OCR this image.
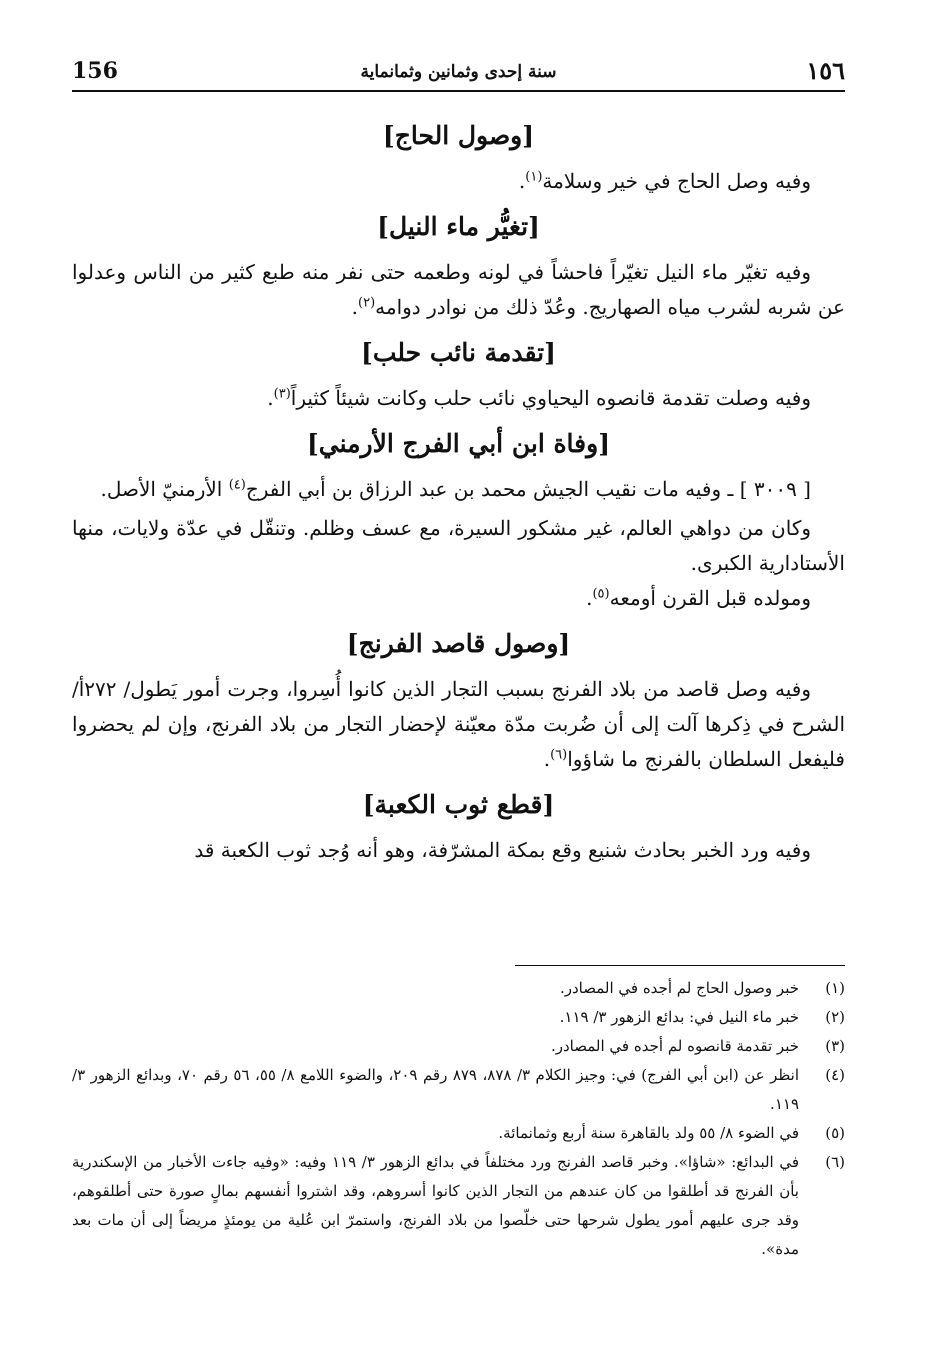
156	سنة إحدى وثمانين وثمانماية	١٥٦
[وصول الحاج]

وفيه وصل الحاج في خير وسلامة$^{(١)}$.

[تغيُّر ماء النيل]

وفيه تغيّر ماء النيل تغيّراً فاحشاً في لونه وطعمه حتى نفر منه طبع كثير من الناس وعدلوا عن شربه لشرب مياه الصهاريج. وعُدّ ذلك من نوادر دوامه$^{(٢)}$.

[تقدمة نائب حلب]

وفيه وصلت تقدمة قانصوه اليحياوي نائب حلب وكانت شيئاً كثيراً$^{(٣)}$.

[وفاة ابن أبي الفرج الأرمني]

[ ٣٠٠٩ ] ـ وفيه مات نقيب الجيش محمد بن عبد الرزاق بن أبي الفرج$^{(٤)}$ الأرمنيّ الأصل.

وكان من دواهي العالم، غير مشكور السيرة، مع عسف وظلم. وتنقّل في عدّة ولايات، منها الأستادارية الكبرى.

ومولده قبل القرن أومعه$^{(٥)}$.

[وصول قاصد الفرنج]

وفيه وصل قاصد من بلاد الفرنج بسبب التجار الذين كانوا أُسِروا، وجرت أمور يَطول/ ٢٧٢أ/ الشرح في ذِكرها آلت إلى أن ضُربت مدّة معيّنة لإحضار التجار من بلاد الفرنج، وإن لم يحضروا فليفعل السلطان بالفرنج ما شاؤوا$^{(٦)}$.

[قطع ثوب الكعبة]

وفيه ورد الخبر بحادث شنيع وقع بمكة المشرّفة، وهو أنه وُجد ثوب الكعبة قد

(١)
خبر وصول الحاج لم أجده في المصادر.
(٢)
خبر ماء النيل في: بدائع الزهور ٣/ ١١٩.
(٣)
خبر تقدمة قانصوه لم أجده في المصادر.
(٤)
انظر عن (ابن أبي الفرج) في: وجيز الكلام ٣/ ٨٧٨، ٨٧٩ رقم ٢٠٩، والضوء اللامع ٨/ ٥٥، ٥٦ رقم ٧٠، وبدائع الزهور ٣/ ١١٩.
(٥)
في الضوء ٨/ ٥٥ ولد بالقاهرة سنة أربع وثمانمائة.
(٦)
في البدائع: «شاؤا». وخبر قاصد الفرنج ورد مختلفاً في بدائع الزهور ٣/ ١١٩ وفيه: «وفيه جاءت الأخبار من الإسكندرية بأن الفرنج قد أطلقوا من كان عندهم من التجار الذين كانوا أسروهم، وقد اشتروا أنفسهم بمالٍ صورة حتى أطلقوهم، وقد جرى عليهم أمور يطول شرحها حتى خلّصوا من بلاد الفرنج، واستمرّ ابن عُلية من يومئذٍ مريضاً إلى أن مات بعد مدة».
